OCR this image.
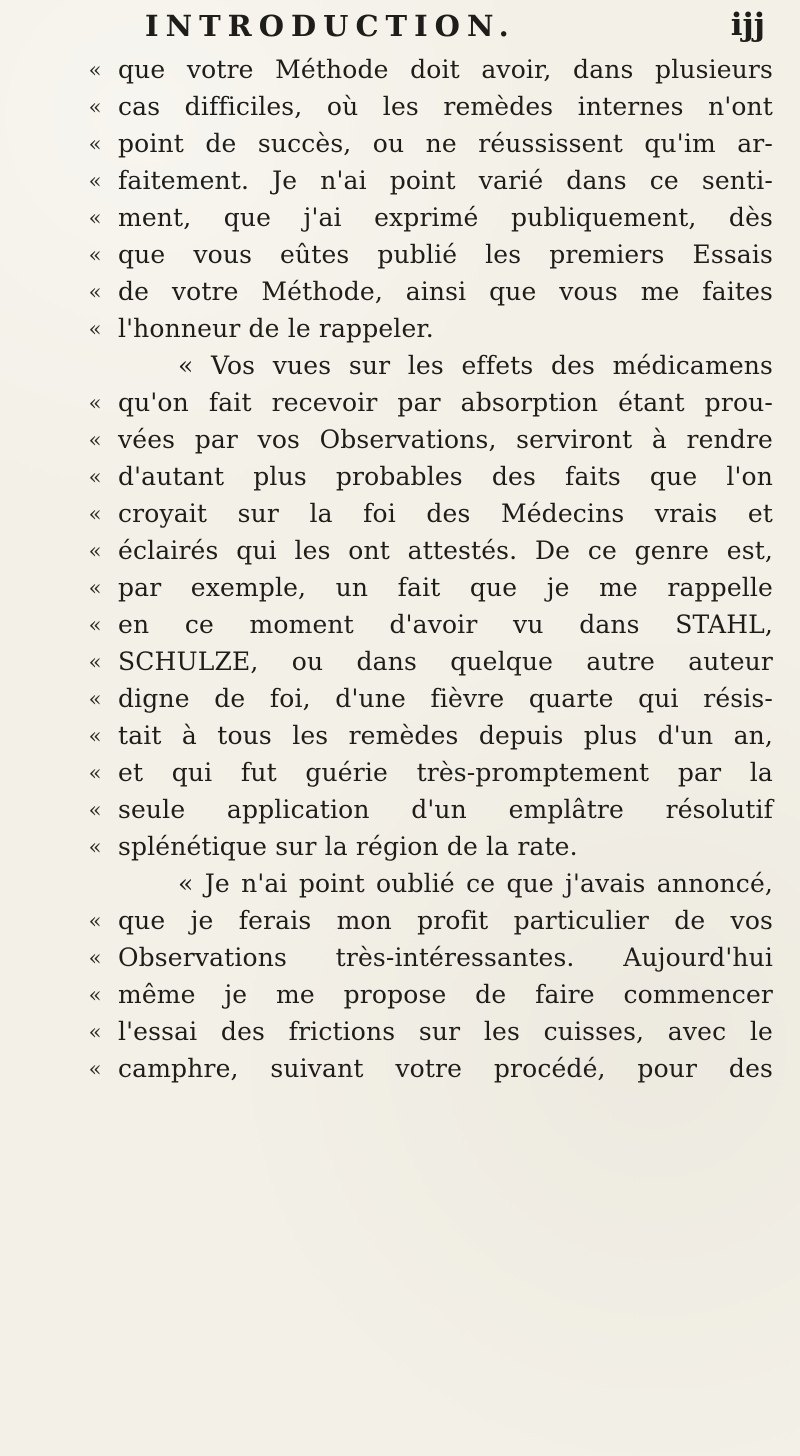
INTRODUCTION.	ijj
« que votre Méthode doit avoir, dans plusieurs
« cas difficiles, où les remèdes internes n'ont
« point de succès, ou ne réussissent qu'im ar-
« faitement. Je n'ai point varié dans ce senti-
« ment, que j'ai exprimé publiquement, dès
« que vous eûtes publié les premiers Essais
« de votre Méthode, ainsi que vous me faites
« l'honneur de le rappeler.
« Vos vues sur les effets des médicamens
« qu'on fait recevoir par absorption étant prou-
« vées par vos Observations, serviront à rendre
« d'autant plus probables des faits que l'on
« croyait sur la foi des Médecins vrais et
« éclairés qui les ont attestés. De ce genre est,
« par exemple, un fait que je me rappelle
« en ce moment d'avoir vu dans STAHL,
« SCHULZE, ou dans quelque autre auteur
« digne de foi, d'une fièvre quarte qui résis-
« tait à tous les remèdes depuis plus d'un an,
« et qui fut guérie très-promptement par la
« seule application d'un emplâtre résolutif
« splénétique sur la région de la rate.
« Je n'ai point oublié ce que j'avais annoncé,
« que je ferais mon profit particulier de vos
« Observations très-intéressantes. Aujourd'hui
« même je me propose de faire commencer
« l'essai des frictions sur les cuisses, avec le
« camphre, suivant votre procédé, pour des
